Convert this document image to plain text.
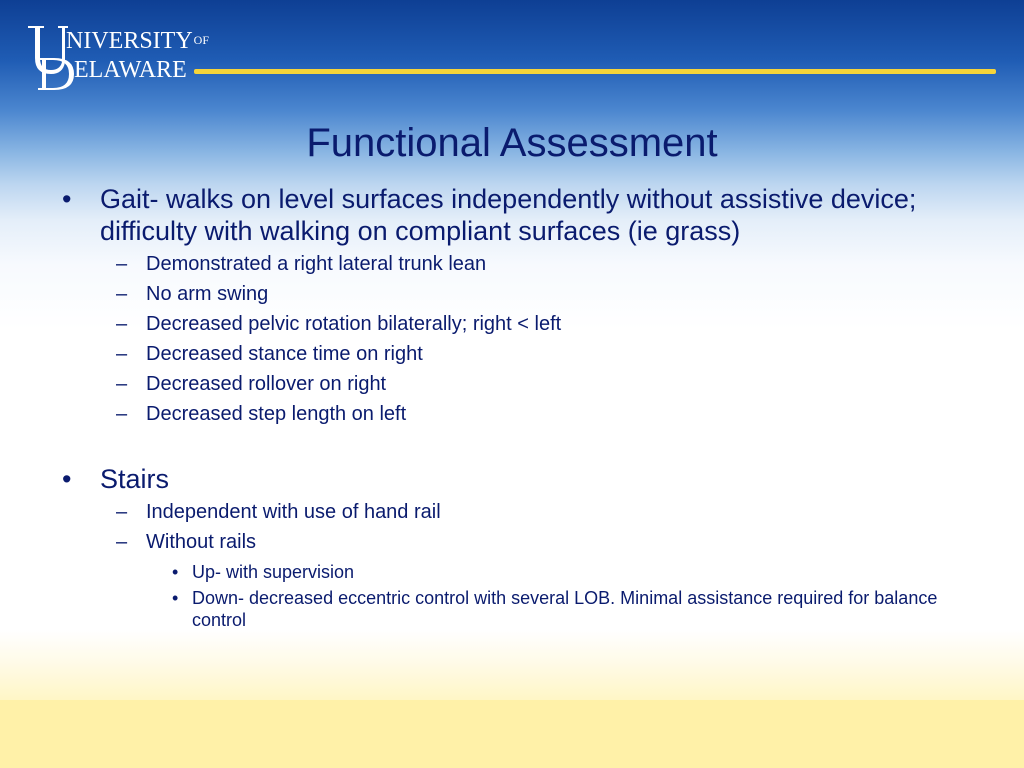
NIVERSITYOF
ELAWARE
Functional Assessment
• Gait- walks on level surfaces independently without assistive device; difficulty with walking on compliant surfaces (ie grass)
– Demonstrated a right lateral trunk lean
– No arm swing
– Decreased pelvic rotation bilaterally; right < left
– Decreased stance time on right
– Decreased rollover on right
– Decreased step length on left
• Stairs
– Independent with use of hand rail
– Without rails
• Up- with supervision
• Down- decreased eccentric control with several LOB. Minimal assistance required for balance control
